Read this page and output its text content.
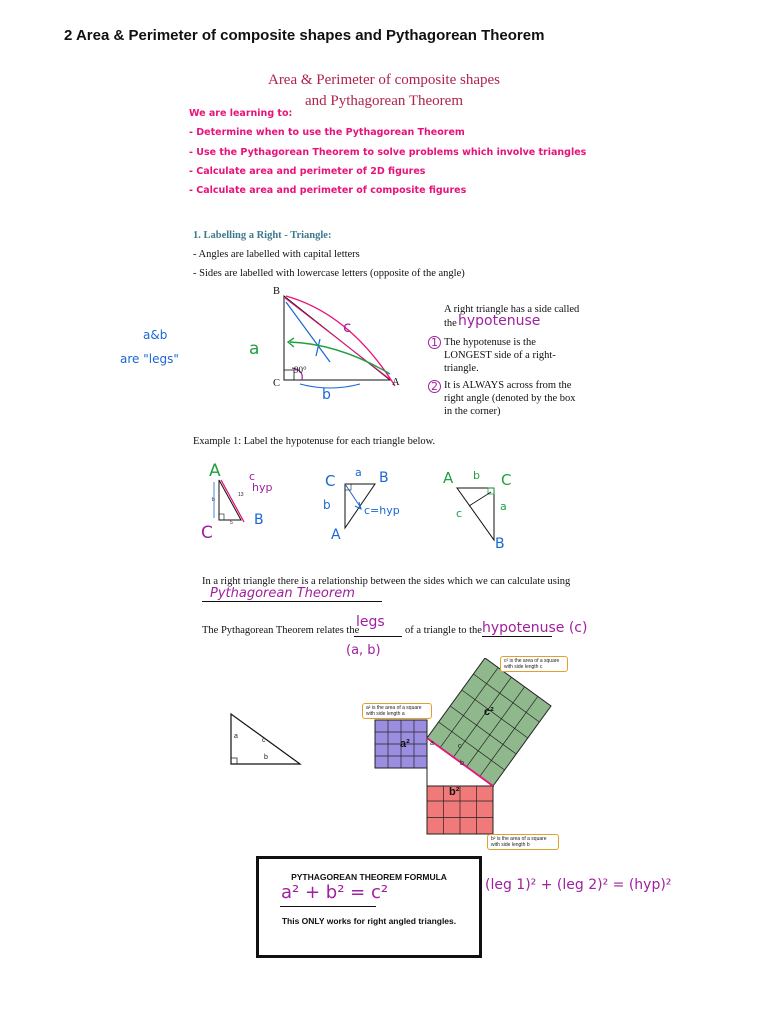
2 Area & Perimeter of composite shapes and Pythagorean Theorem
Area & Perimeter of composite shapes
and Pythagorean Theorem
We are learning to:
- Determine when to use the Pythagorean Theorem
- Use the Pythagorean Theorem to solve problems which involve triangles
- Calculate area and perimeter of 2D figures
- Calculate area and perimeter of composite figures
1. Labelling a Right - Triangle:
- Angles are labelled with capital letters
- Sides are labelled with lowercase letters (opposite of the angle)
B
C	A
90°
a&b
are "legs"	a
b
c
A right triangle has a side called
the hypotenuse
The hypotenuse is the
LONGEST side of a right-
triangle.
It is ALWAYS across from the
right angle (denoted by the box
in the corner)
1
2
Example 1: Label the hypotenuse for each triangle below.
b
13
5
A	c
hyp
C
B
C a B
b	c=hyp
A
A b C
c
a
B
In a right triangle there is a relationship between the sides which we can calculate using
Pythagorean Theorem
The Pythagorean Theorem relates the
legs
of a triangle to the hypotenuse (c)
(a, b)
a
c
b
a²
b²
c²
a	c
b
c² is the area of a square with side length c
a² is the area of a square with side length a
b² is the area of a square with side length b
PYTHAGOREAN THEOREM FORMULA
a² + b² = c²
This ONLY works for right angled triangles.
(leg 1)² + (leg 2)² = (hyp)²
